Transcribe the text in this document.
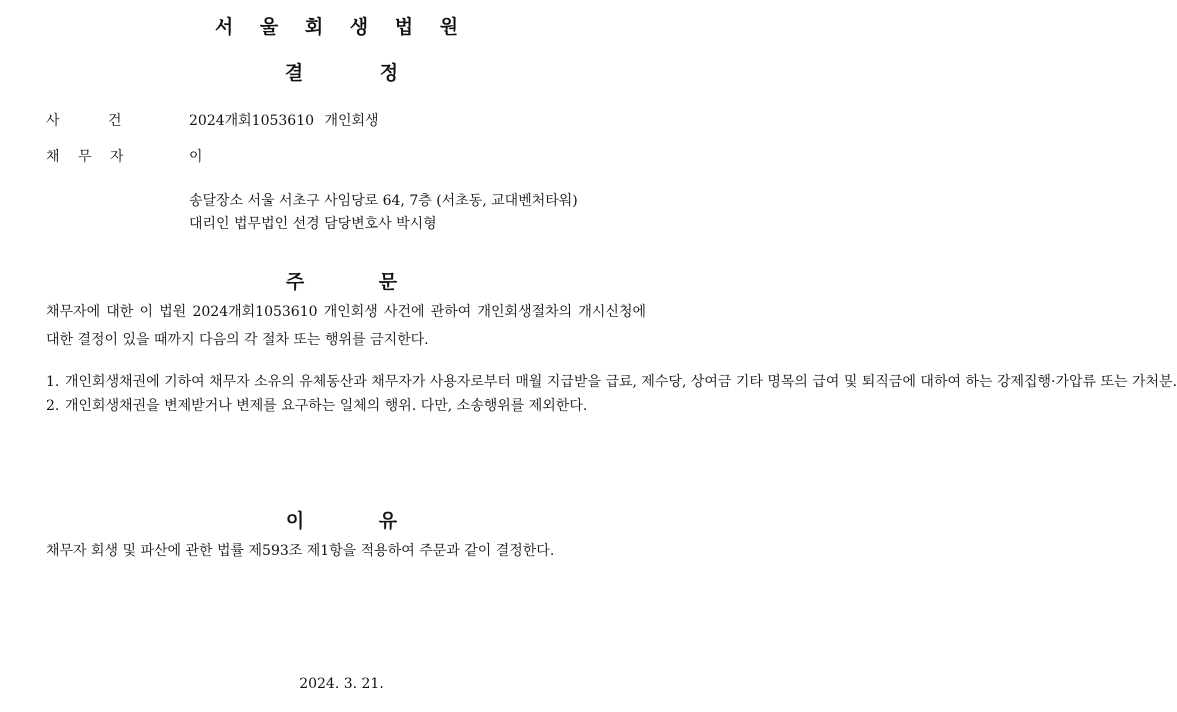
서 울 회 생 법 원
결 정
사 건	2024개회1053610 개인회생
채 무 자	이
송달장소 서울 서초구 사임당로 64, 7층 (서초동, 교대벤처타워)
대리인 법무법인 선경 담당변호사 박시형
주 문
채무자에 대한 이 법원 2024개회1053610 개인회생 사건에 관하여 개인회생절차의 개시신청에 대한 결정이 있을 때까지 다음의 각 절차 또는 행위를 금지한다.
1. 개인회생채권에 기하여 채무자 소유의 유체동산과 채무자가 사용자로부터 매월 지급받을 급료, 제수당, 상여금 기타 명목의 급여 및 퇴직금에 대하여 하는 강제집행·가압류 또는 가처분.
2. 개인회생채권을 변제받거나 변제를 요구하는 일체의 행위. 다만, 소송행위를 제외한다.
이 유
채무자 회생 및 파산에 관한 법률 제593조 제1항을 적용하여 주문과 같이 결정한다.
2024. 3. 21.
